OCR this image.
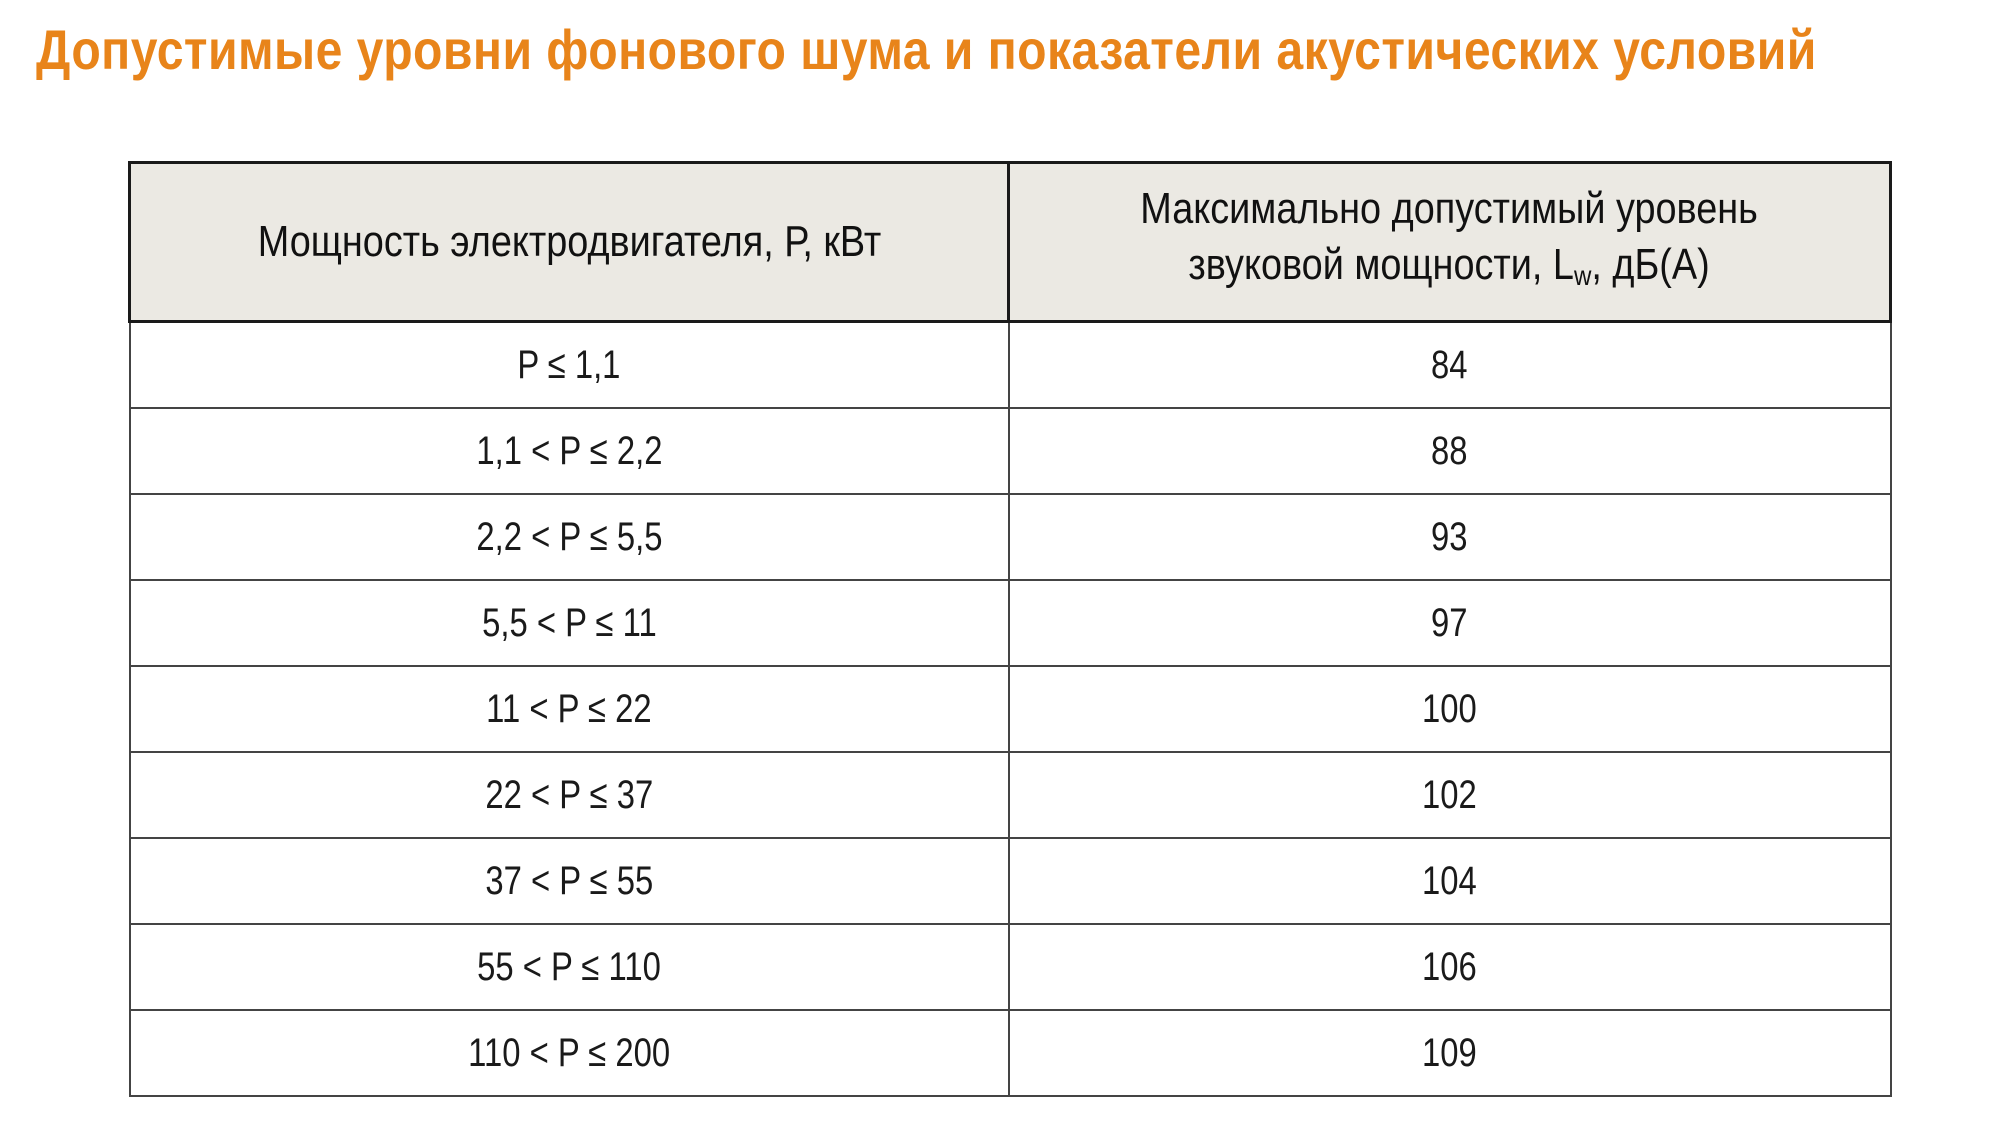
Допустимые уровни фонового шума и показатели акустических условий
Мощность электродвигателя, Р, кВт	Максимально допустимый уровень
звуковой мощности, $L_w$, дБ(А)
P ≤ 1,1	84
1,1 < P ≤ 2,2	88
2,2 < P ≤ 5,5	93
5,5 < P ≤ 11	97
11 < P ≤ 22	100
22 < P ≤ 37	102
37 < P ≤ 55	104
55 < P ≤ 110	106
110 < P ≤ 200	109
